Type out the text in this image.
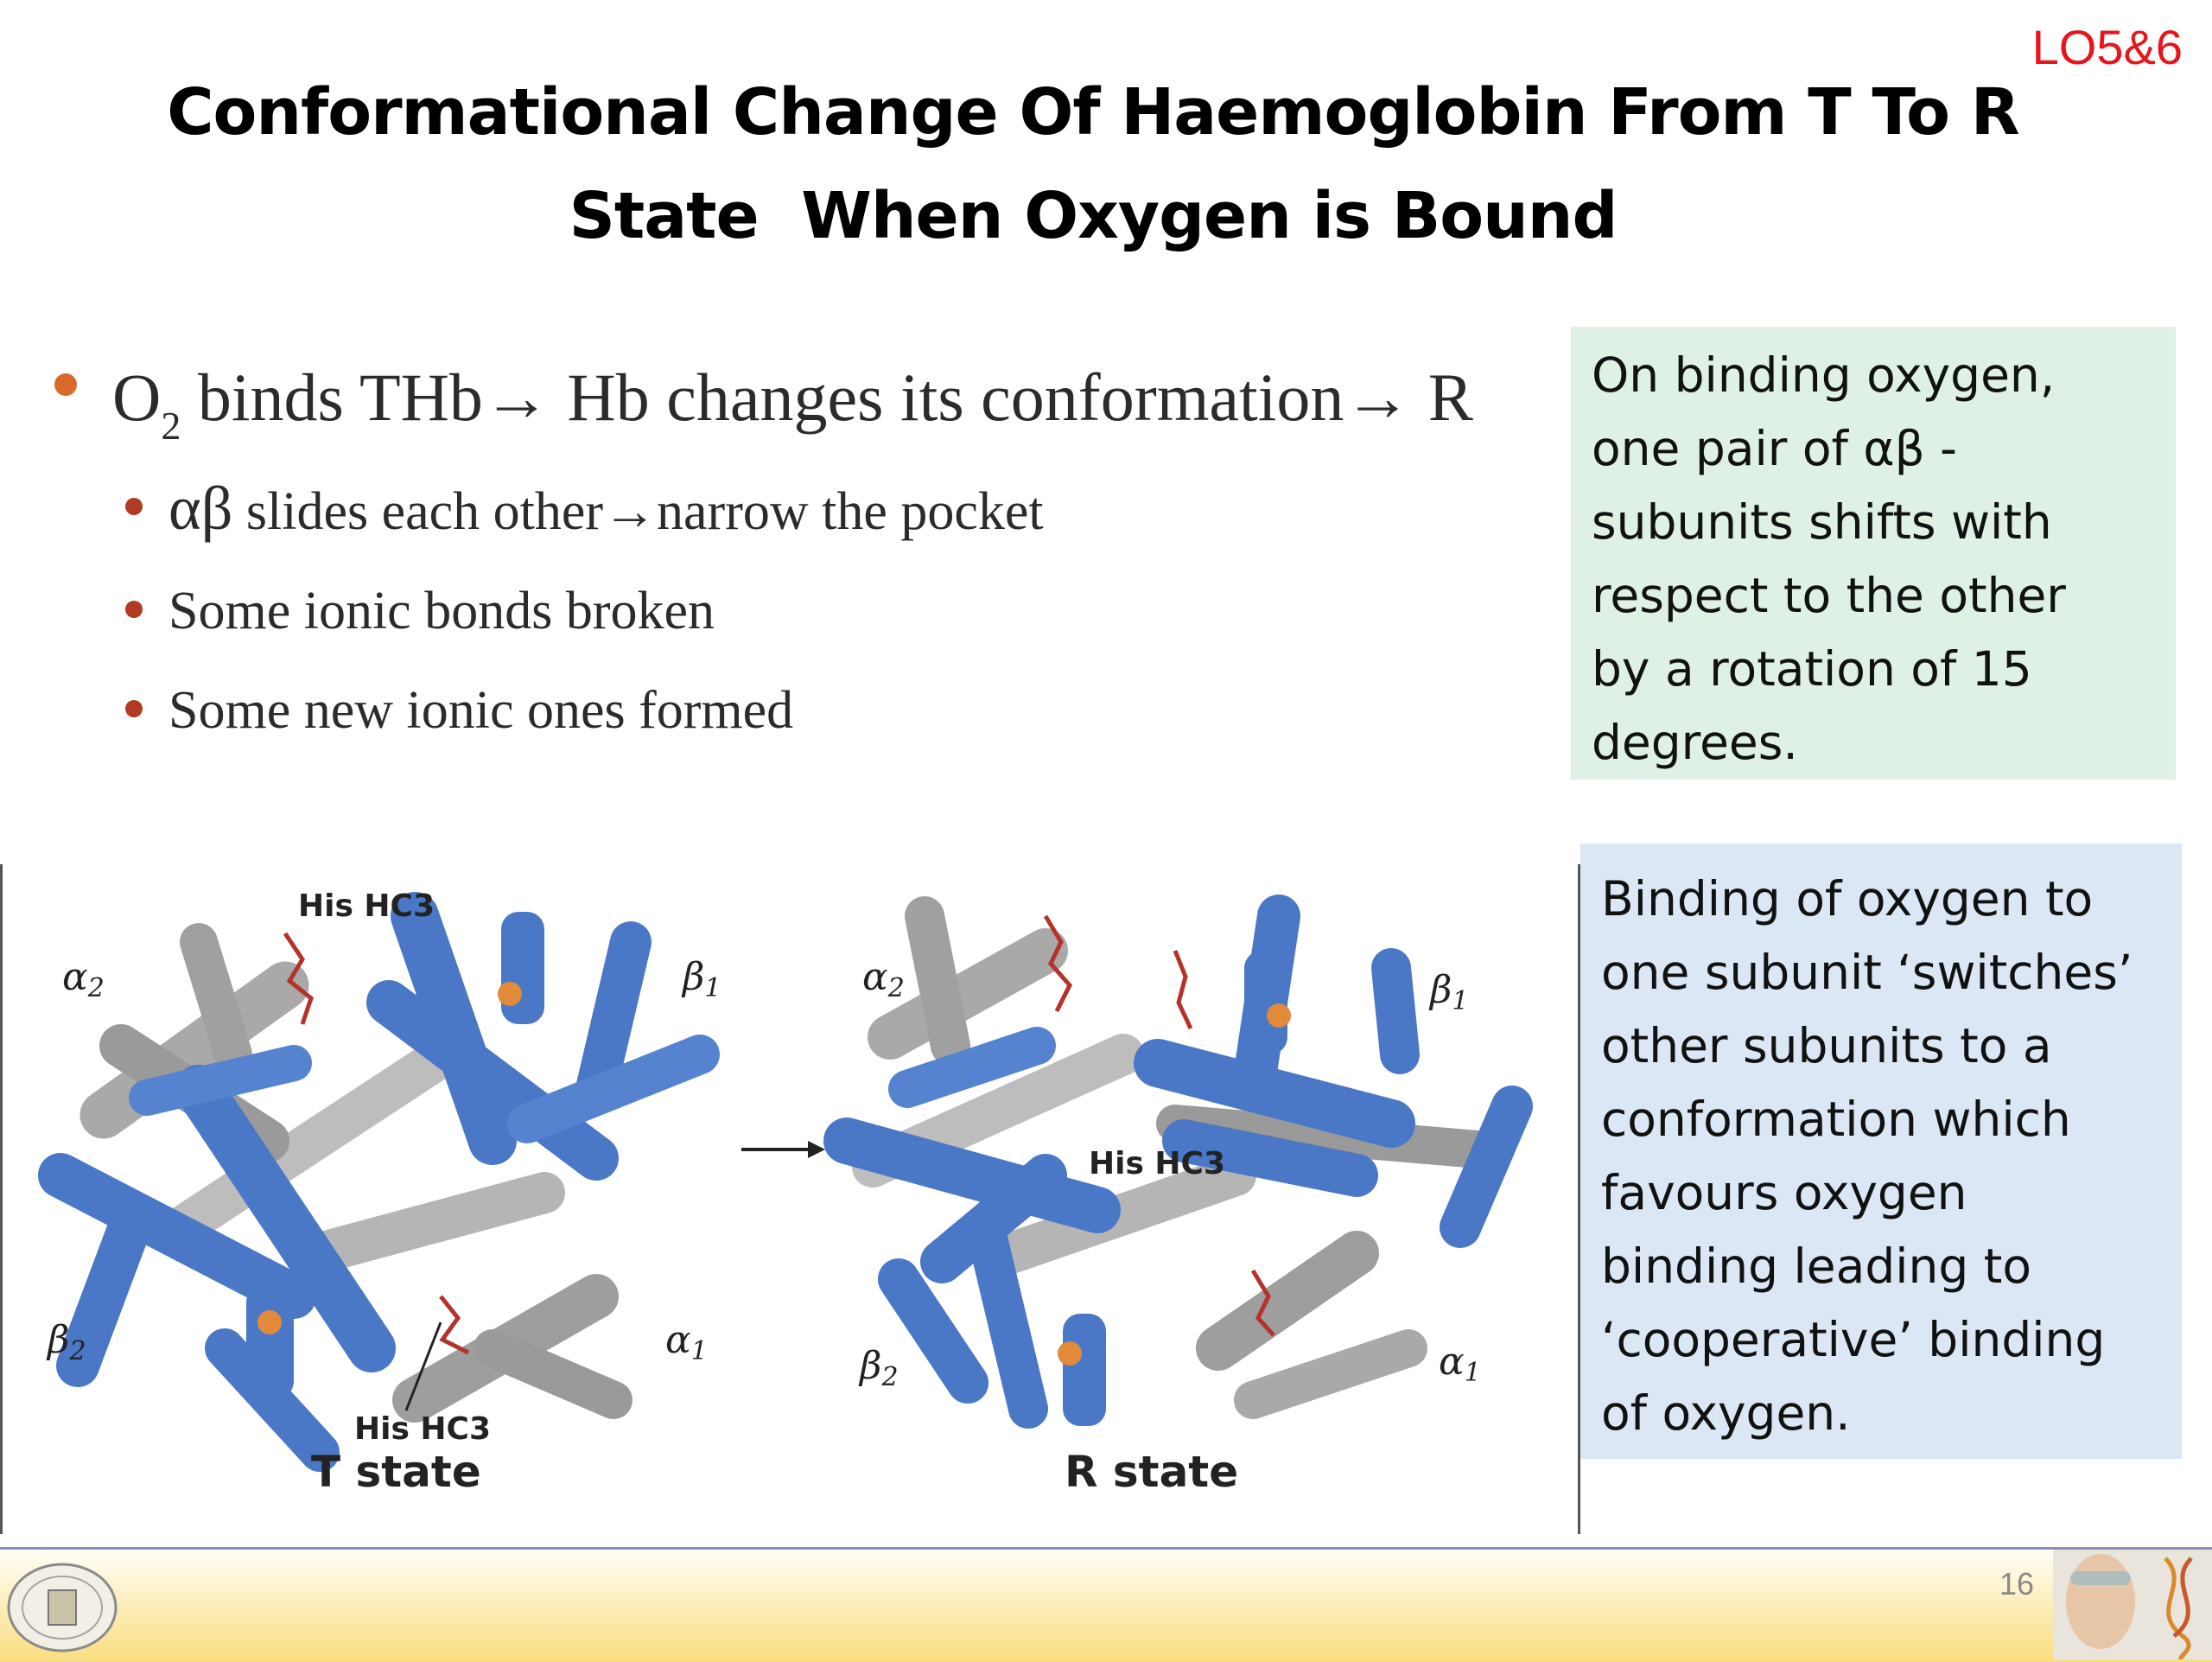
LO5&6
Conformational Change Of Haemoglobin From T To R
State  When Oxygen is Bound
$O_2$ binds THb→ Hb changes its conformation→ R
αβ slides each other→narrow the pocket
Some ionic bonds broken
Some new ionic ones formed
On binding oxygen,
one pair of αβ -
subunits shifts with
respect to the other
by a rotation of 15
degrees.
Binding of oxygen to
one subunit ‘switches’
other subunits to a
conformation which
favours oxygen
binding leading to
‘cooperative’ binding
of oxygen.
His HC3
His HC3
α2	β1
β2	α1
T state
His HC3
α2	β1
β2	α1
R state
16
